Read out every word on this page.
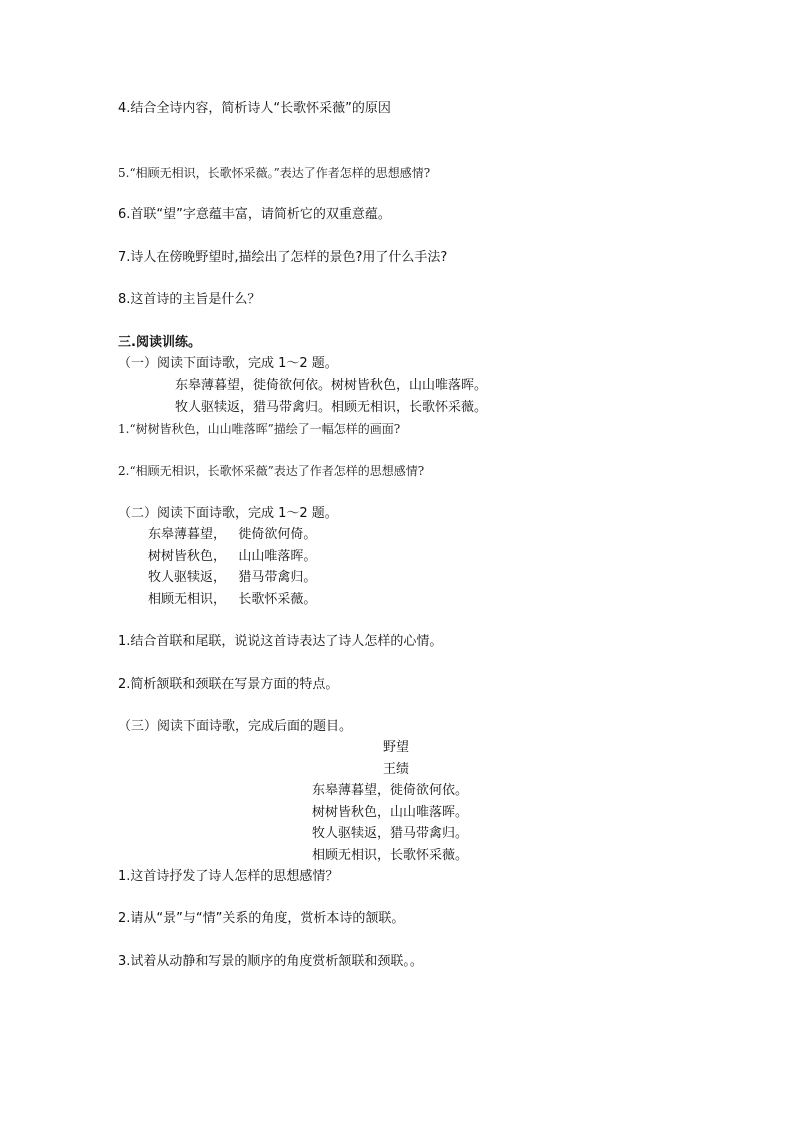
4.结合全诗内容，简析诗人“长歌怀采薇”的原因
5.“相顾无相识，长歌怀采薇。”表达了作者怎样的思想感情?
6.首联“望”字意蕴丰富，请简析它的双重意蕴。
7.诗人在傍晚野望时,描绘出了怎样的景色?用了什么手法?
8.这首诗的主旨是什么？
三.阅读训练。
（一）阅读下面诗歌，完成 1～2 题。
东皋薄暮望，徙倚欲何依。树树皆秋色，山山唯落晖。
牧人驱犊返，猎马带禽归。相顾无相识，长歌怀采薇。
1.“树树皆秋色，山山唯落晖”描绘了一幅怎样的画面?
2.“相顾无相识，长歌怀采薇”表达了作者怎样的思想感情?
（二）阅读下面诗歌，完成 1～2 题。
东皋薄暮望，   徙倚欲何倚。
树树皆秋色，   山山唯落晖。
牧人驱犊返，   猎马带禽归。
相顾无相识，   长歌怀采薇。
1.结合首联和尾联，说说这首诗表达了诗人怎样的心情。
2.简析颔联和颈联在写景方面的特点。
（三）阅读下面诗歌，完成后面的题目。
野望
王绩
东皋薄暮望，徙倚欲何依。
树树皆秋色，山山唯落晖。
牧人驱犊返，猎马带禽归。
相顾无相识，长歌怀采薇。
1.这首诗抒发了诗人怎样的思想感情？
2.请从“景”与“情”关系的角度，赏析本诗的颔联。
3.试着从动静和写景的顺序的角度赏析颔联和颈联。。
